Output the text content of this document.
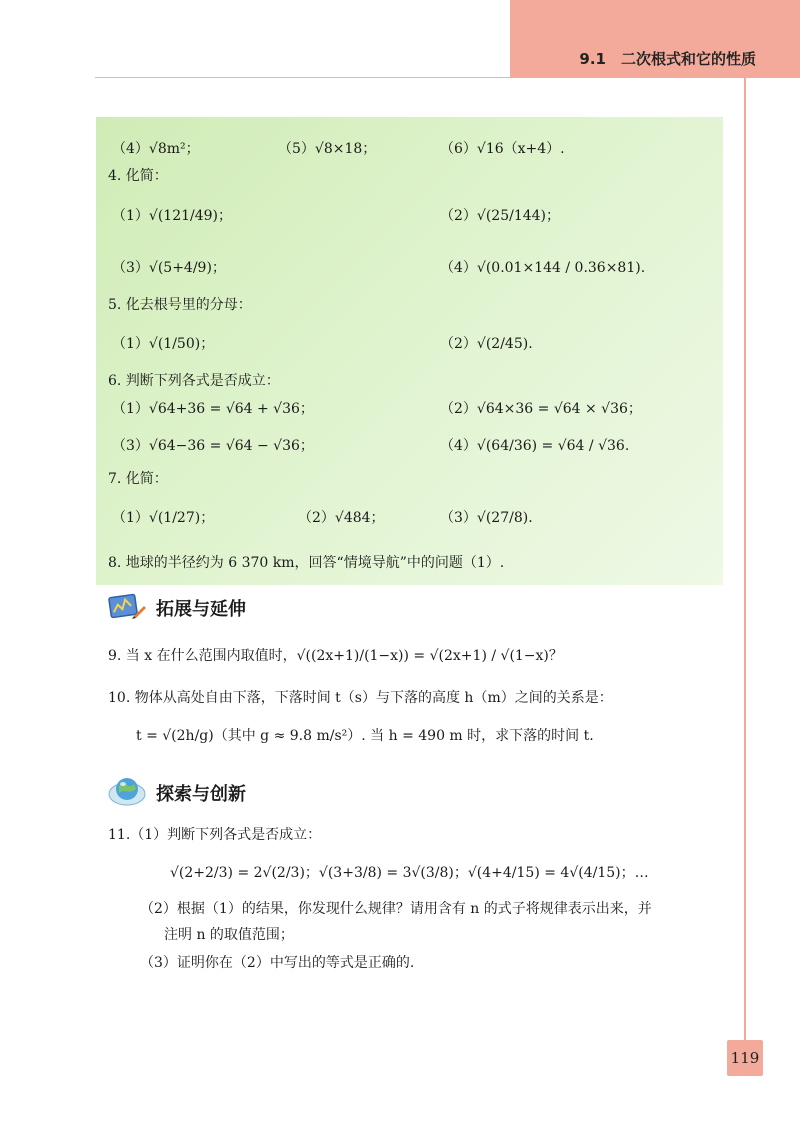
9.1　二次根式和它的性质
（4）√8m²；	（5）√8×18；	（6）√16（x+4）.
4. 化简：
（1）√(121/49)；	（2）√(25/144)；
（3）√(5+4/9)；	（4）√(0.01×144 / 0.36×81).
5. 化去根号里的分母：
（1）√(1/50)；	（2）√(2/45).
6. 判断下列各式是否成立：
（1）√64+36 = √64 + √36；	（2）√64×36 = √64 × √36；
（3）√64−36 = √64 − √36；	（4）√(64/36) = √64 / √36.
7. 化简：
（1）√(1/27)；	（2）√484；	（3）√(27/8).
8. 地球的半径约为 6 370 km，回答“情境导航”中的问题（1）.
拓展与延伸
9. 当 x 在什么范围内取值时，√((2x+1)/(1−x)) = √(2x+1) / √(1−x)？
10. 物体从高处自由下落，下落时间 t（s）与下落的高度 h（m）之间的关系是：
t = √(2h/g)（其中 g ≈ 9.8 m/s²）. 当 h = 490 m 时，求下落的时间 t.
探索与创新
11.（1）判断下列各式是否成立：
√(2+2/3) = 2√(2/3)；√(3+3/8) = 3√(3/8)；√(4+4/15) = 4√(4/15)；…
（2）根据（1）的结果，你发现什么规律？请用含有 n 的式子将规律表示出来，并
注明 n 的取值范围；
（3）证明你在（2）中写出的等式是正确的.
119
